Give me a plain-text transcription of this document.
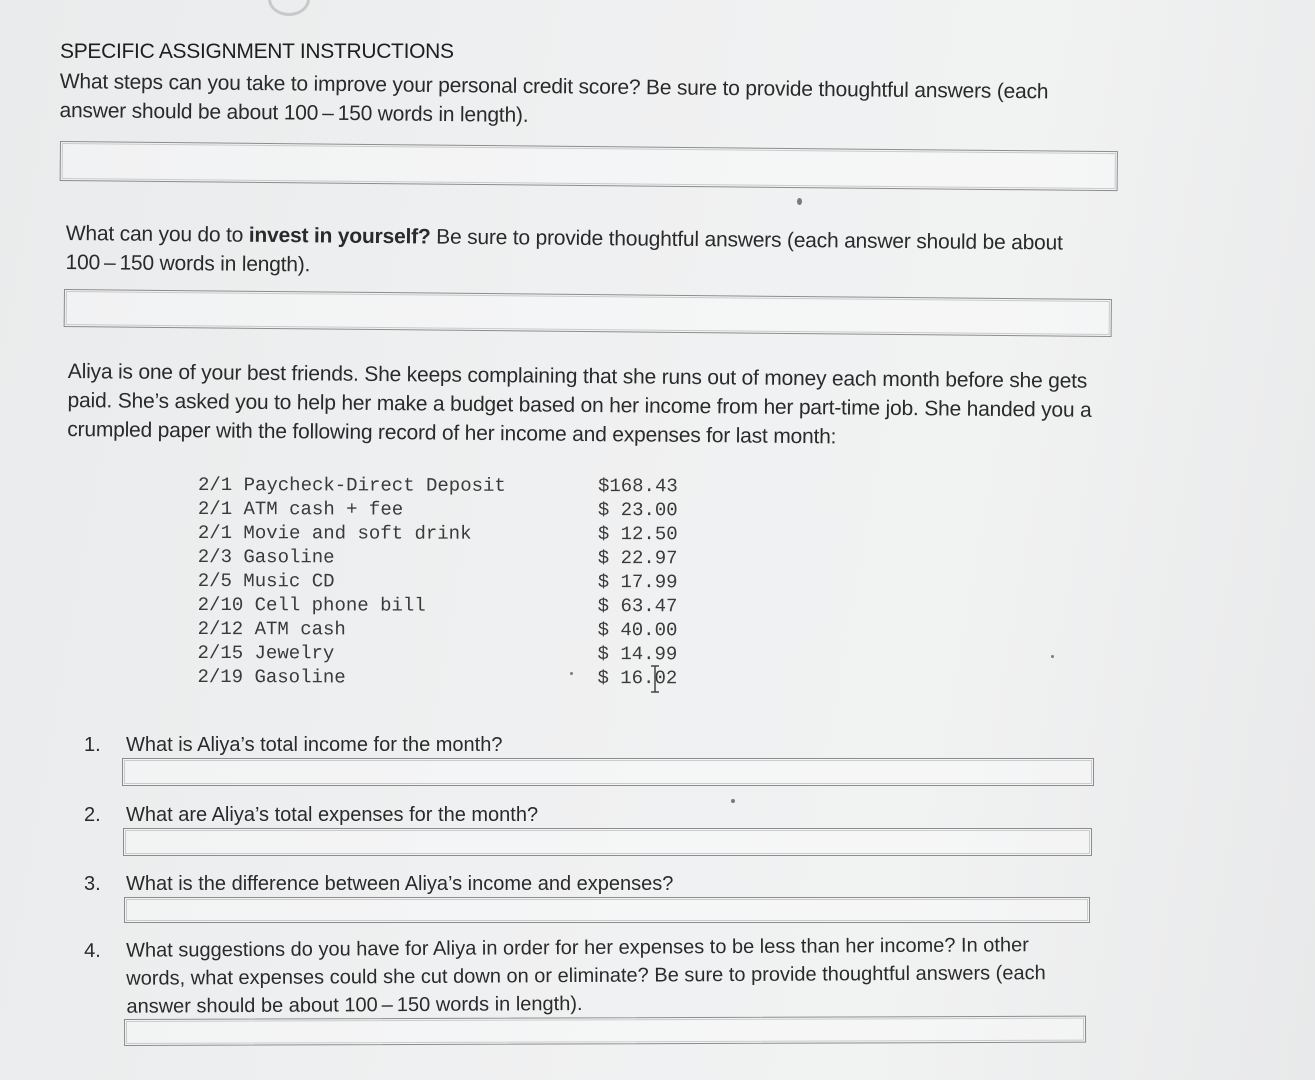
SPECIFIC ASSIGNMENT INSTRUCTIONS
What steps can you take to improve your personal credit score? Be sure to provide thoughtful answers (each answer should be about 100 – 150 words in length).
What can you do to invest in yourself? Be sure to provide thoughtful answers (each answer should be about 100 – 150 words in length).
Aliya is one of your best friends. She keeps complaining that she runs out of money each month before she gets paid. She’s asked you to help her make a budget based on her income from her part-time job. She handed you a crumpled paper with the following record of her income and expenses for last month:
2/1 Paycheck-Direct Deposit	$168.43
2/1 ATM cash + fee	$ 23.00
2/1 Movie and soft drink	$ 12.50
2/3 Gasoline	$ 22.97
2/5 Music CD	$ 17.99
2/10 Cell phone bill	$ 63.47
2/12 ATM cash	$ 40.00
2/15 Jewelry	$ 14.99
2/19 Gasoline	$ 16.02
1.	What is Aliya’s total income for the month?
2.	What are Aliya’s total expenses for the month?
3.	What is the difference between Aliya’s income and expenses?
4.	What suggestions do you have for Aliya in order for her expenses to be less than her income? In other words, what expenses could she cut down on or eliminate? Be sure to provide thoughtful answers (each answer should be about 100 – 150 words in length).
